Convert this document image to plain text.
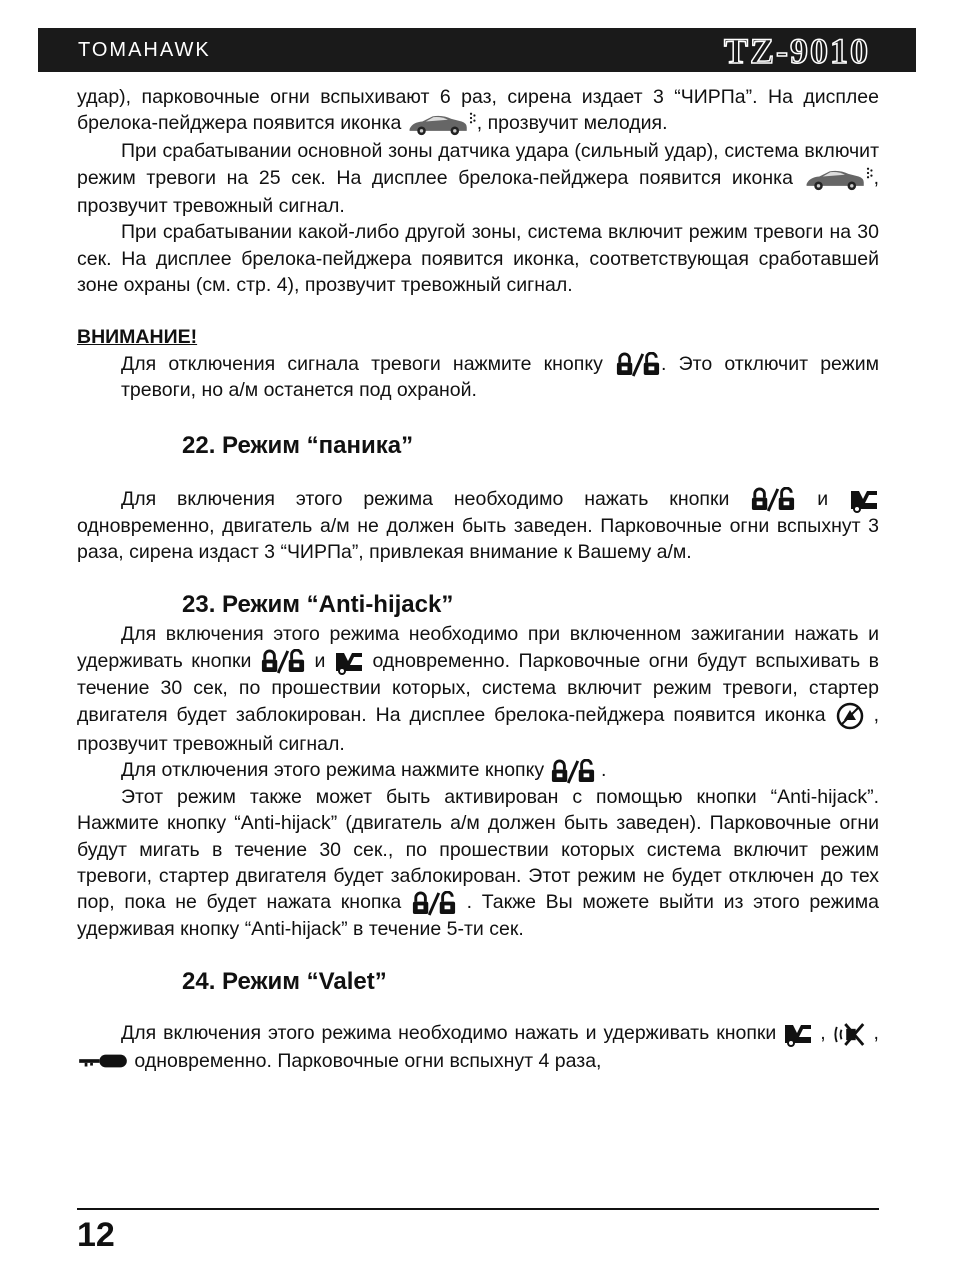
TOMAHAWK	TZ-9010

удар), парковочные огни вспыхивают 6 раз, сирена издает 3 “ЧИРПа”. На дисплее брелока-пейджера появится иконка	, прозвучит мелодия.

При срабатывании основной зоны датчика удара (сильный удар), система включит режим тревоги на 25 сек. На дисплее брелока-пейджера появится иконка	, прозвучит тревожный сигнал.

При срабатывании какой-либо другой зоны, система включит режим тревоги на 30 сек. На дисплее брелока-пейджера появится иконка, соответствующая сработавшей зоне охраны (см. стр. 4), прозвучит тревожный сигнал.

ВНИМАНИЕ!

Для отключения сигнала тревоги нажмите кнопку	. Это отключит режим тревоги, но а/м останется под охраной.

22. Режим “паника”

Для включения этого режима необходимо нажать кнопки	и  одновременно, двигатель а/м не должен быть заведен. Парковочные огни вспыхнут 3 раза, сирена издаст 3 “ЧИРПа”, привлекая внимание к Вашему а/м.

23. Режим “Anti-hijack”

Для включения этого режима необходимо при включенном зажигании нажать и удерживать кнопки	и  одновременно. Парковочные огни будут вспыхивать в течение 30 сек, по прошествии которых, система включит режим тревоги, стартер двигателя будет заблокирован. На дисплее брелока-пейджера появится иконка  , прозвучит тревожный сигнал.

Для отключения этого режима нажмите кнопку	.

Этот режим также может быть активирован с помощью кнопки “Anti-hijack”. Нажмите кнопку “Anti-hijack” (двигатель а/м должен быть заведен). Парковочные огни будут мигать в течение 30 сек., по прошествии которых система включит режим тревоги, стартер двигателя будет заблокирован. Этот режим не будет отключен до тех пор, пока не будет нажата кнопка	. Также Вы можете выйти из этого режима удерживая кнопку “Anti-hijack” в течение 5-ти сек.

24. Режим “Valet”

Для включения этого режима необходимо нажать и удерживать кнопки  ,  ,  одновременно. Парковочные огни вспыхнут 4 раза,

12
